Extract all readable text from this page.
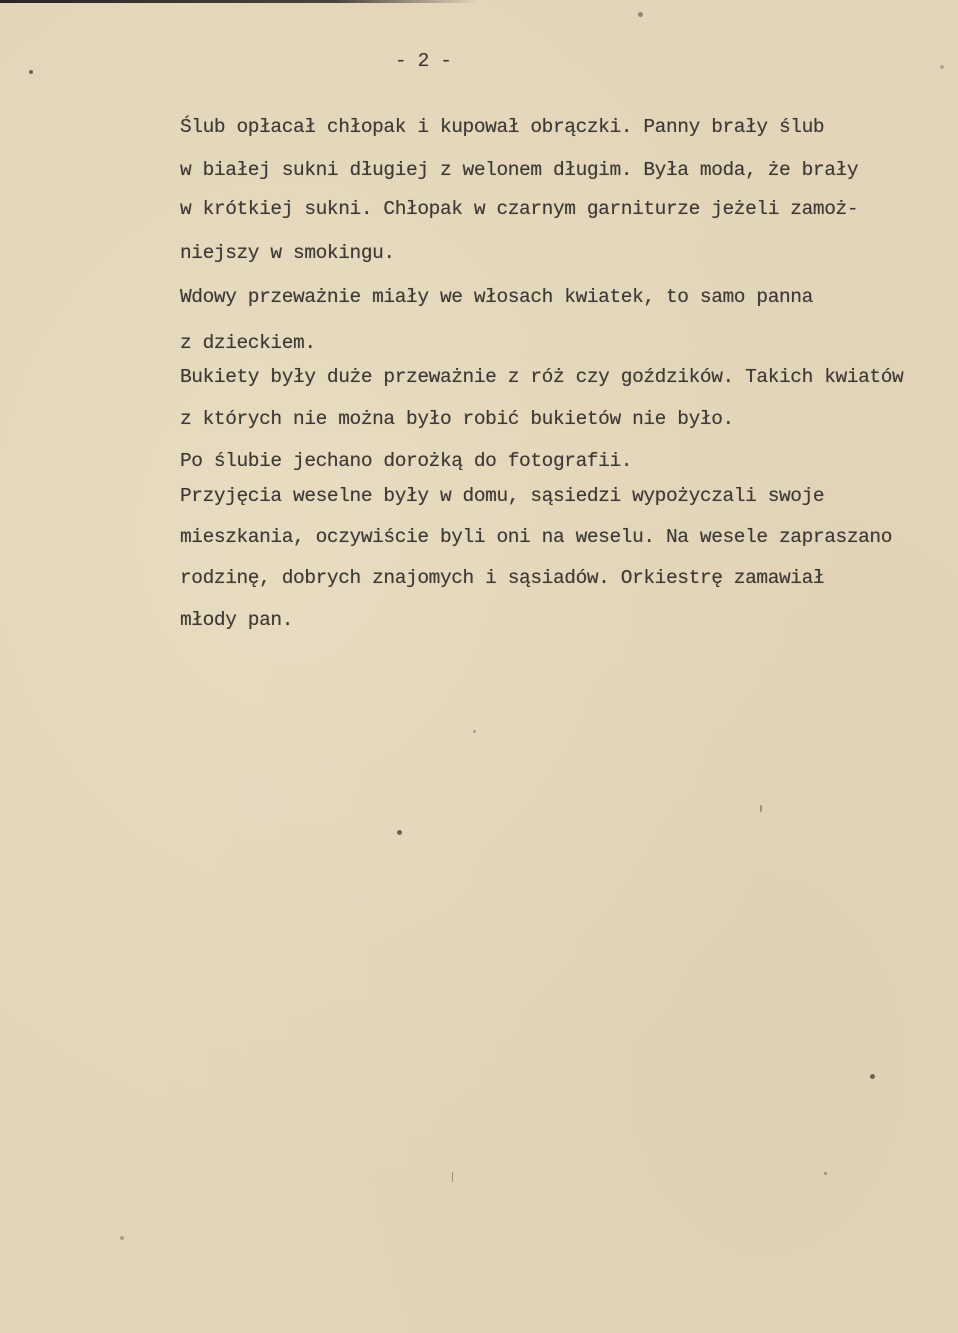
- 2 -
Ślub opłacał chłopak i kupował obrączki. Panny brały ślub
w białej sukni długiej z welonem długim. Była moda, że brały
w krótkiej sukni. Chłopak w czarnym garniturze jeżeli zamoż-
niejszy w smokingu.
Wdowy przeważnie miały we włosach kwiatek, to samo panna
z dzieckiem.
Bukiety były duże przeważnie z róż czy goździków. Takich kwiatów
z których nie można było robić bukietów nie było.
Po ślubie jechano dorożką do fotografii.
Przyjęcia weselne były w domu, sąsiedzi wypożyczali swoje
mieszkania, oczywiście byli oni na weselu. Na wesele zapraszano
rodzinę, dobrych znajomych i sąsiadów. Orkiestrę zamawiał
młody pan.
